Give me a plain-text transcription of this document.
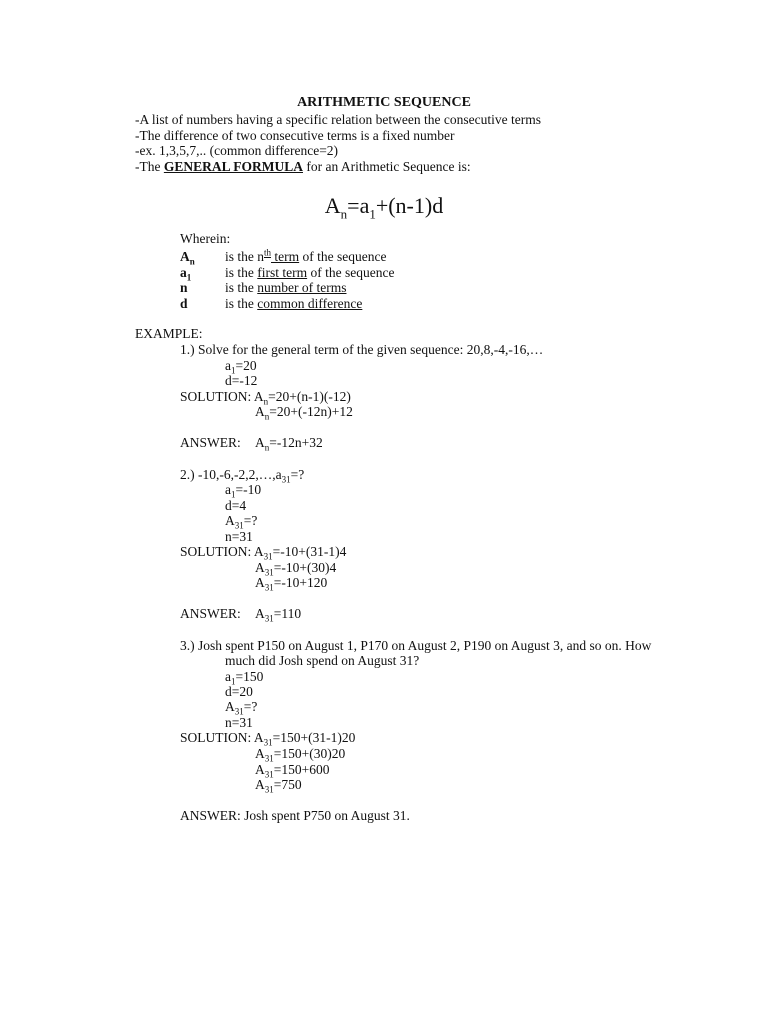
ARITHMETIC SEQUENCE
-A list of numbers having a specific relation between the consecutive terms
-The difference of two consecutive terms is a fixed number
-ex. 1,3,5,7,.. (common difference=2)
-The GENERAL FORMULA for an Arithmetic Sequence is:
$A_n=a_1+(n-1)d$
Wherein:
$A_n$ is the $n^{th}$ term of the sequence
$a_1$	is the first term of the sequence
n	is the number of terms
d	is the common difference
EXAMPLE:
1.) Solve for the general term of the given sequence: 20,8,-4,-16,…
$a_1=20$
d=-12
SOLUTION: $A_n=20+(n-1)(-12)$
$A_n=20+(-12n)+12$
ANSWER: $A_n=-12n+32$
2.) $-10,-6,-2,2,\dots,a_{31}=$?
$a_1=-10$
d=4
$A_{31}=$?
n=31
SOLUTION: $A_{31}=-10+(31-1)4$
$A_{31}=-10+(30)4$
$A_{31}=-10+120$
ANSWER: $A_{31}=110$
3.) Josh spent P150 on August 1, P170 on August 2, P190 on August 3, and so on. How
much did Josh spend on August 31?
$a_1=150$
d=20
$A_{31}=$?
n=31
SOLUTION: $A_{31}=150+(31-1)20$
$A_{31}=150+(30)20$
$A_{31}=150+600$
$A_{31}=750$
ANSWER: Josh spent P750 on August 31.
